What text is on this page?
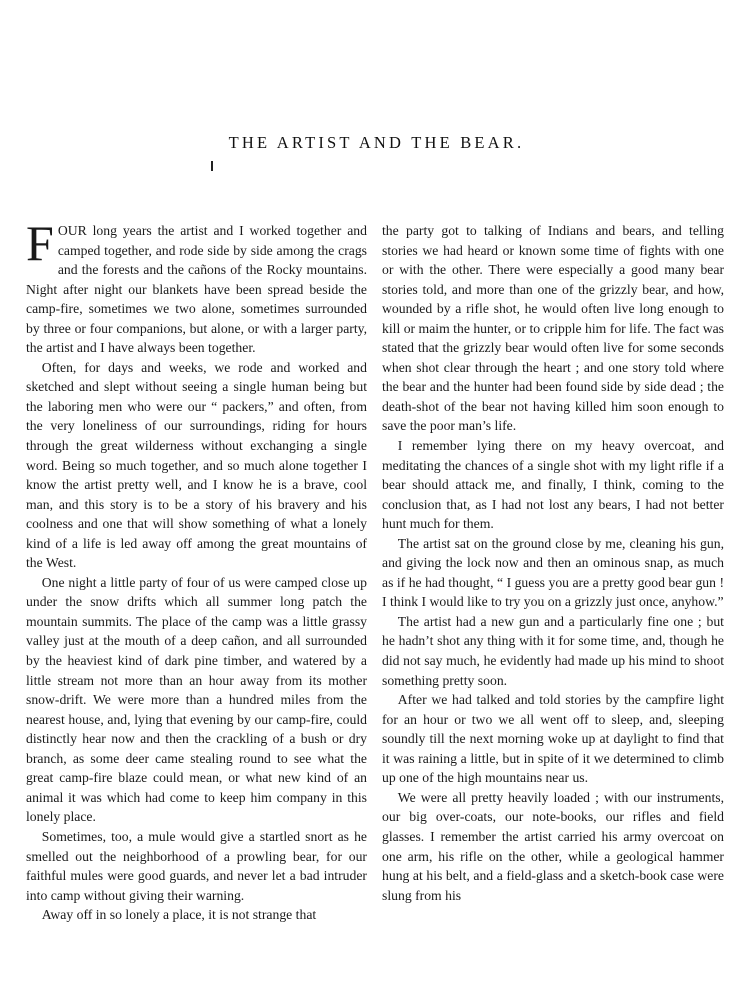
THE ARTIST AND THE BEAR.

FOUR long years the artist and I worked together and camped together, and rode side by side among the crags and the forests and the cañons of the Rocky mountains. Night after night our blankets have been spread beside the camp-fire, sometimes we two alone, sometimes surrounded by three or four companions, but alone, or with a larger party, the artist and I have always been together.

Often, for days and weeks, we rode and worked and sketched and slept without seeing a single human being but the laboring men who were our “ packers,” and often, from the very loneliness of our surroundings, riding for hours through the great wilderness without exchanging a single word. Being so much together, and so much alone together I know the artist pretty well, and I know he is a brave, cool man, and this story is to be a story of his bravery and his coolness and one that will show something of what a lonely kind of a life is led away off among the great mountains of the West.

One night a little party of four of us were camped close up under the snow drifts which all summer long patch the mountain summits. The place of the camp was a little grassy valley just at the mouth of a deep cañon, and all surrounded by the heaviest kind of dark pine timber, and watered by a little stream not more than an hour away from its mother snow-drift. We were more than a hundred miles from the nearest house, and, lying that evening by our camp-fire, could distinctly hear now and then the crackling of a bush or dry branch, as some deer came stealing round to see what the great camp-fire blaze could mean, or what new kind of an animal it was which had come to keep him company in this lonely place.

Sometimes, too, a mule would give a startled snort as he smelled out the neighborhood of a prowling bear, for our faithful mules were good guards, and never let a bad intruder into camp without giving their warning.

Away off in so lonely a place, it is not strange that

the party got to talking of Indians and bears, and telling stories we had heard or known some time of fights with one or with the other. There were especially a good many bear stories told, and more than one of the grizzly bear, and how, wounded by a rifle shot, he would often live long enough to kill or maim the hunter, or to cripple him for life. The fact was stated that the grizzly bear would often live for some seconds when shot clear through the heart ; and one story told where the bear and the hunter had been found side by side dead ; the death-shot of the bear not having killed him soon enough to save the poor man’s life.

I remember lying there on my heavy overcoat, and meditating the chances of a single shot with my light rifle if a bear should attack me, and finally, I think, coming to the conclusion that, as I had not lost any bears, I had not better hunt much for them.

The artist sat on the ground close by me, cleaning his gun, and giving the lock now and then an ominous snap, as much as if he had thought, “ I guess you are a pretty good bear gun ! I think I would like to try you on a grizzly just once, anyhow.”

The artist had a new gun and a particularly fine one ; but he hadn’t shot any thing with it for some time, and, though he did not say much, he evidently had made up his mind to shoot something pretty soon.

After we had talked and told stories by the campfire light for an hour or two we all went off to sleep, and, sleeping soundly till the next morning woke up at daylight to find that it was raining a little, but in spite of it we determined to climb up one of the high mountains near us.

We were all pretty heavily loaded ; with our instruments, our big over-coats, our note-books, our rifles and field glasses. I remember the artist carried his army overcoat on one arm, his rifle on the other, while a geological hammer hung at his belt, and a field-glass and a sketch-book case were slung from his
